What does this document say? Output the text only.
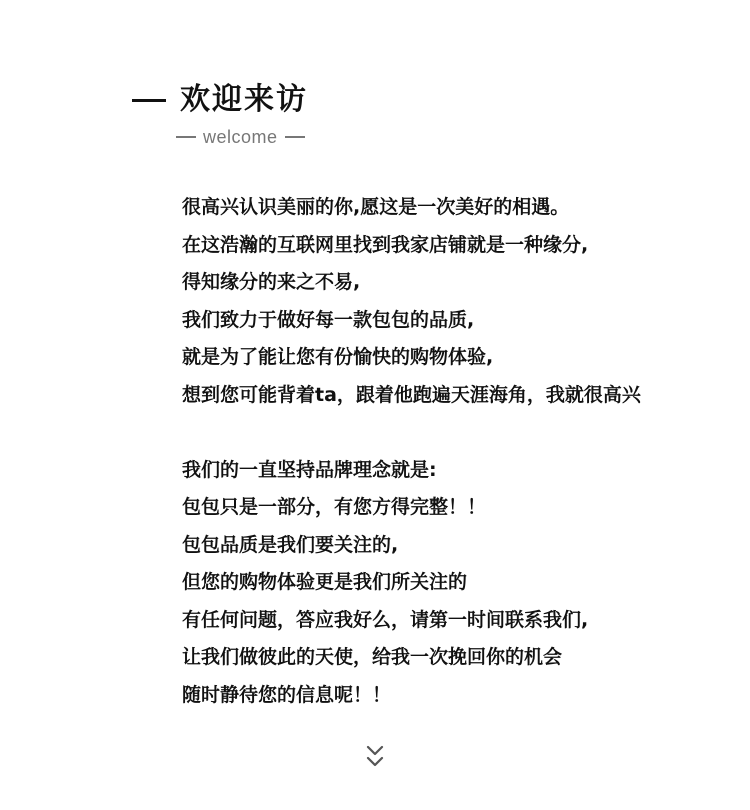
欢迎来访
welcome
很高兴认识美丽的你,愿这是一次美好的相遇。
在这浩瀚的互联网里找到我家店铺就是一种缘分,
得知缘分的来之不易,
我们致力于做好每一款包包的品质,
就是为了能让您有份愉快的购物体验,
想到您可能背着ta，跟着他跑遍天涯海角，我就很高兴
我们的一直坚持品牌理念就是:
包包只是一部分，有您方得完整！！
包包品质是我们要关注的,
但您的购物体验更是我们所关注的
有任何问题，答应我好么，请第一时间联系我们,
让我们做彼此的天使，给我一次挽回你的机会
随时静待您的信息呢！！
